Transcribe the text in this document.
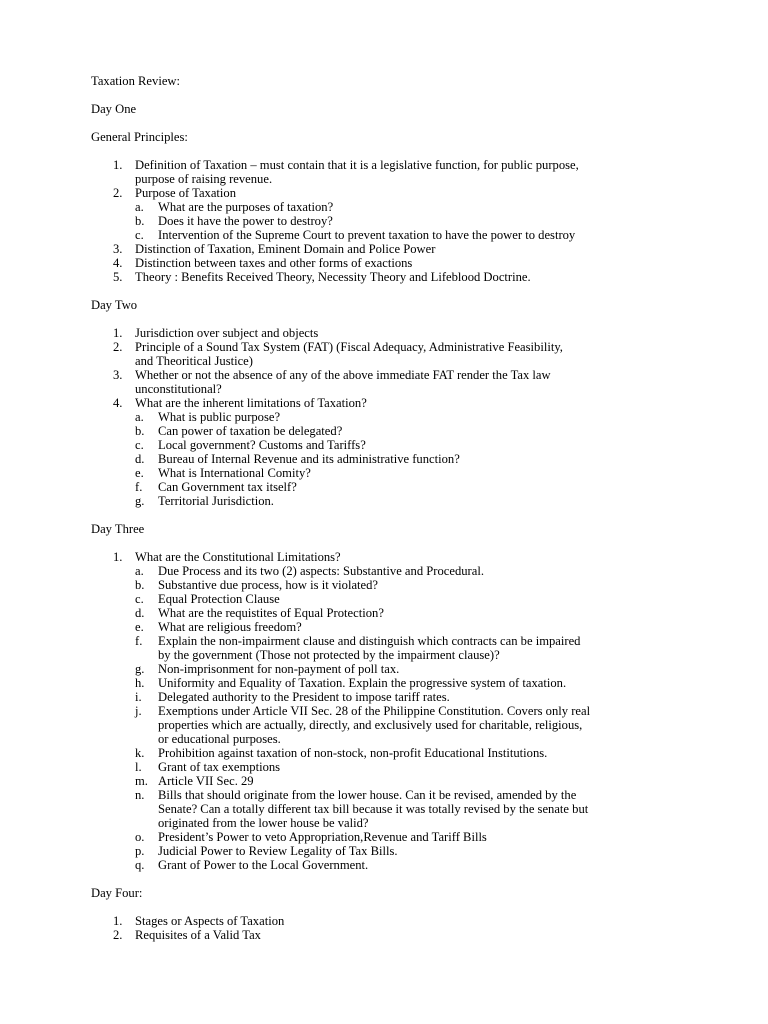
Taxation Review:
Day One
General Principles:
1. Definition of Taxation – must contain that it is a legislative function, for public purpose,
purpose of raising revenue.
2. Purpose of Taxation
a. What are the purposes of taxation?
b. Does it have the power to destroy?
c. Intervention of the Supreme Court to prevent taxation to have the power to destroy
3. Distinction of Taxation, Eminent Domain and Police Power
4. Distinction between taxes and other forms of exactions
5. Theory : Benefits Received Theory, Necessity Theory and Lifeblood Doctrine.
Day Two
1. Jurisdiction over subject and objects
2. Principle of a Sound Tax System (FAT) (Fiscal Adequacy, Administrative Feasibility,
and Theoritical Justice)
3. Whether or not the absence of any of the above immediate FAT render the Tax law
unconstitutional?
4. What are the inherent limitations of Taxation?
a. What is public purpose?
b. Can power of taxation be delegated?
c. Local government? Customs and Tariffs?
d. Bureau of Internal Revenue and its administrative function?
e. What is International Comity?
f. Can Government tax itself?
g. Territorial Jurisdiction.
Day Three
1. What are the Constitutional Limitations?
a. Due Process and its two (2) aspects: Substantive and Procedural.
b. Substantive due process, how is it violated?
c. Equal Protection Clause
d. What are the requistites of Equal Protection?
e. What are religious freedom?
f. Explain the non-impairment clause and distinguish which contracts can be impaired
by the government (Those not protected by the impairment clause)?
g. Non-imprisonment for non-payment of poll tax.
h. Uniformity and Equality of Taxation. Explain the progressive system of taxation.
i. Delegated authority to the President to impose tariff rates.
j. Exemptions under Article VII Sec. 28 of the Philippine Constitution. Covers only real
properties which are actually, directly, and exclusively used for charitable, religious,
or educational purposes.
k. Prohibition against taxation of non-stock, non-profit Educational Institutions.
l. Grant of tax exemptions
m. Article VII Sec. 29
n. Bills that should originate from the lower house. Can it be revised, amended by the
Senate? Can a totally different tax bill because it was totally revised by the senate but
originated from the lower house be valid?
o. President’s Power to veto Appropriation,Revenue and Tariff Bills
p. Judicial Power to Review Legality of Tax Bills.
q. Grant of Power to the Local Government.
Day Four:
1. Stages or Aspects of Taxation
2. Requisites of a Valid Tax
